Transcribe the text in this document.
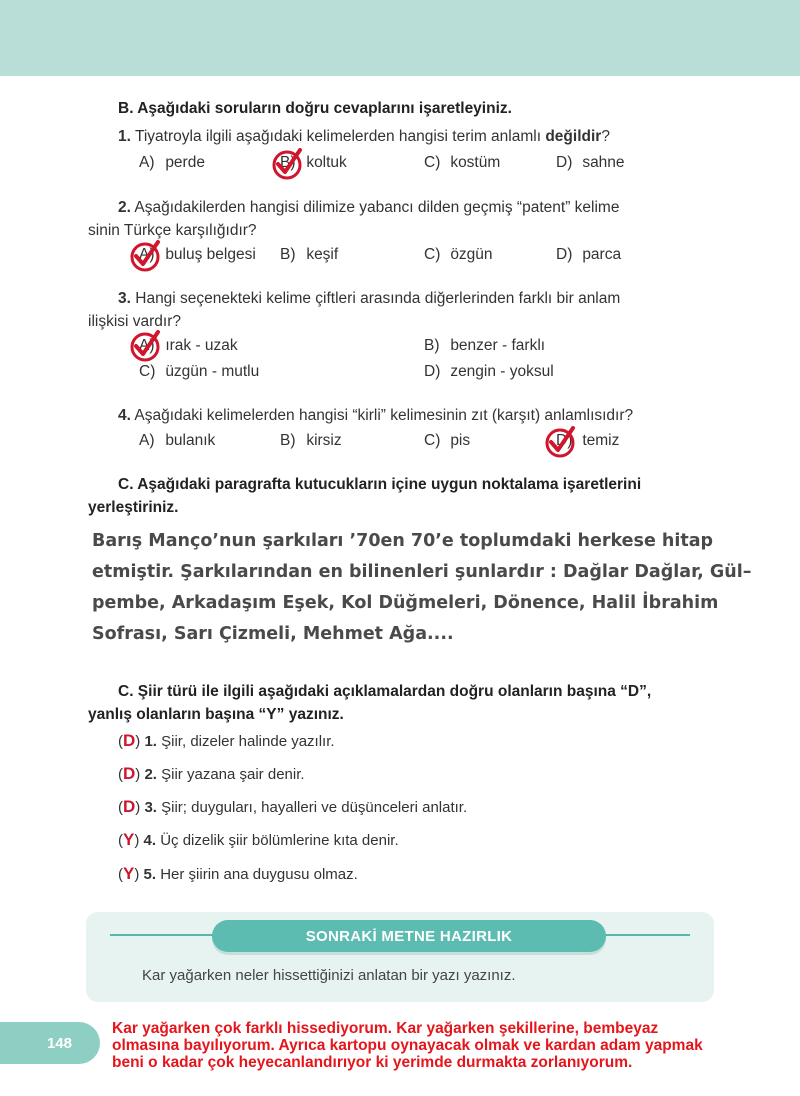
B. Aşağıdaki soruların doğru cevaplarını işaretleyiniz.
1. Tiyatroyla ilgili aşağıdaki kelimelerden hangisi terim anlamlı değildir?
A) perde	B) koltuk	C) kostüm	D) sahne
2. Aşağıdakilerden hangisi dilimize yabancı dilden geçmiş “patent” kelime
sinin Türkçe karşılığıdır?
A) buluş belgesi B) keşif	C) özgün	D) parca
3. Hangi seçenekteki kelime çiftleri arasında diğerlerinden farklı bir anlam
ilişkisi vardır?
A) ırak - uzak	B) benzer - farklı
C) üzgün - mutlu	D) zengin - yoksul
4. Aşağıdaki kelimelerden hangisi “kirli” kelimesinin zıt (karşıt) anlamlısıdır?
A) bulanık	B) kirsiz	C) pis	D) temiz
C. Aşağıdaki paragrafta kutucukların içine uygun noktalama işaretlerini
yerleştiriniz.
Barış Manço’nun şarkıları ’70en 70’e toplumdaki herkese hitap
etmiştir. Şarkılarından en bilinenleri şunlardır : Dağlar Dağlar, Gül–
pembe, Arkadaşım Eşek, Kol Düğmeleri, Dönence, Halil İbrahim
Sofrası, Sarı Çizmeli, Mehmet Ağa....
C. Şiir türü ile ilgili aşağıdaki açıklamalardan doğru olanların başına “D”,
yanlış olanların başına “Y” yazınız.
(D) 1. Şiir, dizeler halinde yazılır.
(D) 2. Şiir yazana şair denir.
(D) 3. Şiir; duyguları, hayalleri ve düşünceleri anlatır.
(Y) 4. Üç dizelik şiir bölümlerine kıta denir.
(Y) 5. Her şiirin ana duygusu olmaz.
SONRAKİ METNE HAZIRLIK
Kar yağarken neler hissettiğinizi anlatan bir yazı yazınız.
148
Kar yağarken çok farklı hissediyorum. Kar yağarken şekillerine, bembeyaz
olmasına bayılıyorum. Ayrıca kartopu oynayacak olmak ve kardan adam yapmak
beni o kadar çok heyecanlandırıyor ki yerimde durmakta zorlanıyorum.
